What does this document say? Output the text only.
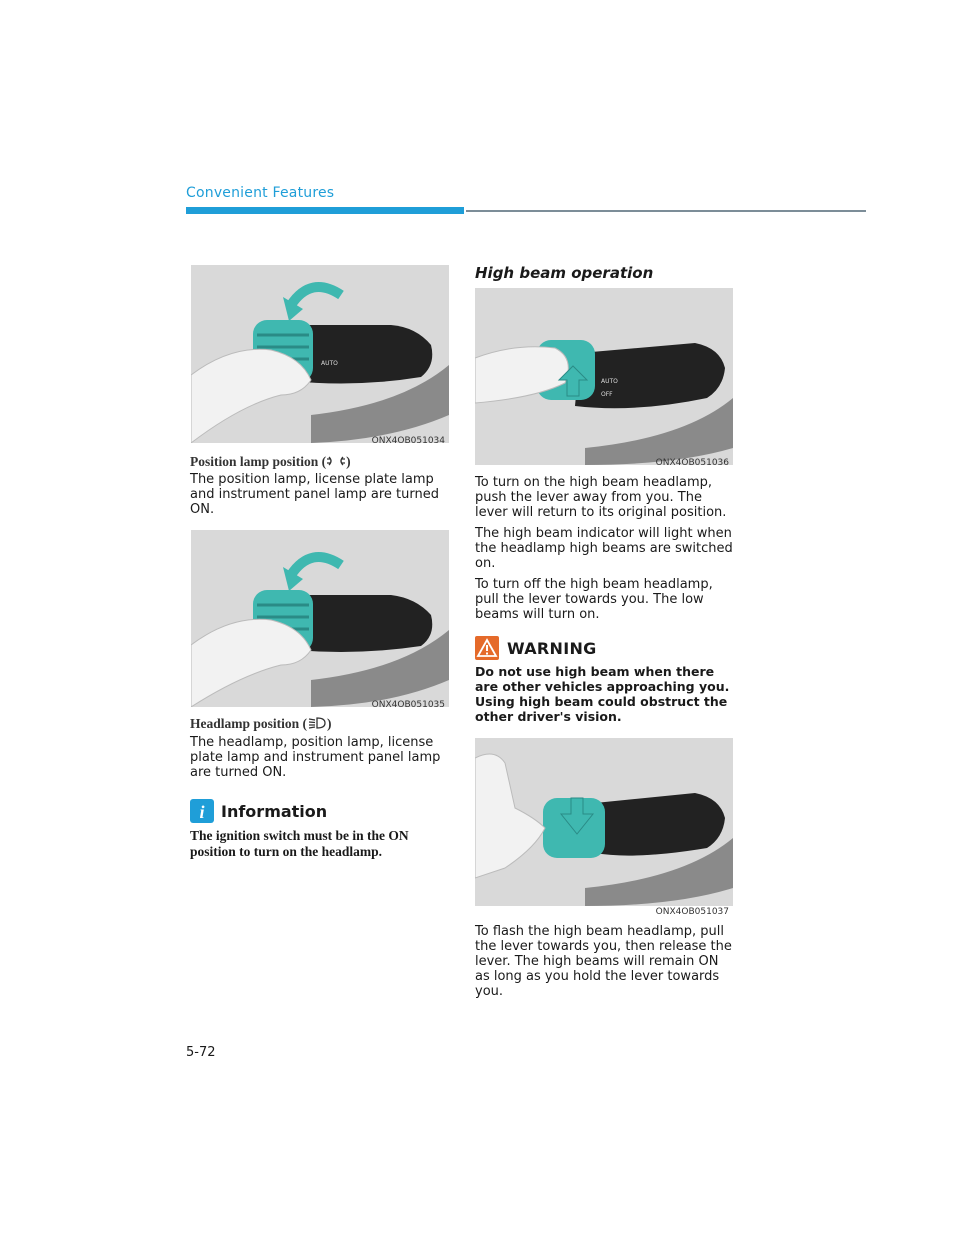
Convenient Features
AUTO
ONX4OB051034
Position lamp position ( )

The position lamp, license plate lamp and instrument panel lamp are turned ON.

ONX4OB051035
Headlamp position ( )

The headlamp, position lamp, license plate lamp and instrument panel lamp are turned ON.

i Information
The ignition switch must be in the ON position to turn on the headlamp.
High beam operation
AUTO
OFF
ONX4OB051036

To turn on the high beam headlamp, push the lever away from you. The lever will return to its original position.

The high beam indicator will light when the headlamp high beams are switched on.

To turn off the high beam headlamp, pull the lever towards you. The low beams will turn on.

WARNING
Do not use high beam when there are other vehicles approaching you. Using high beam could obstruct the other driver's vision.
ONX4OB051037

To flash the high beam headlamp, pull the lever towards you, then release the lever. The high beams will remain ON as long as you hold the lever towards you.

5-72
